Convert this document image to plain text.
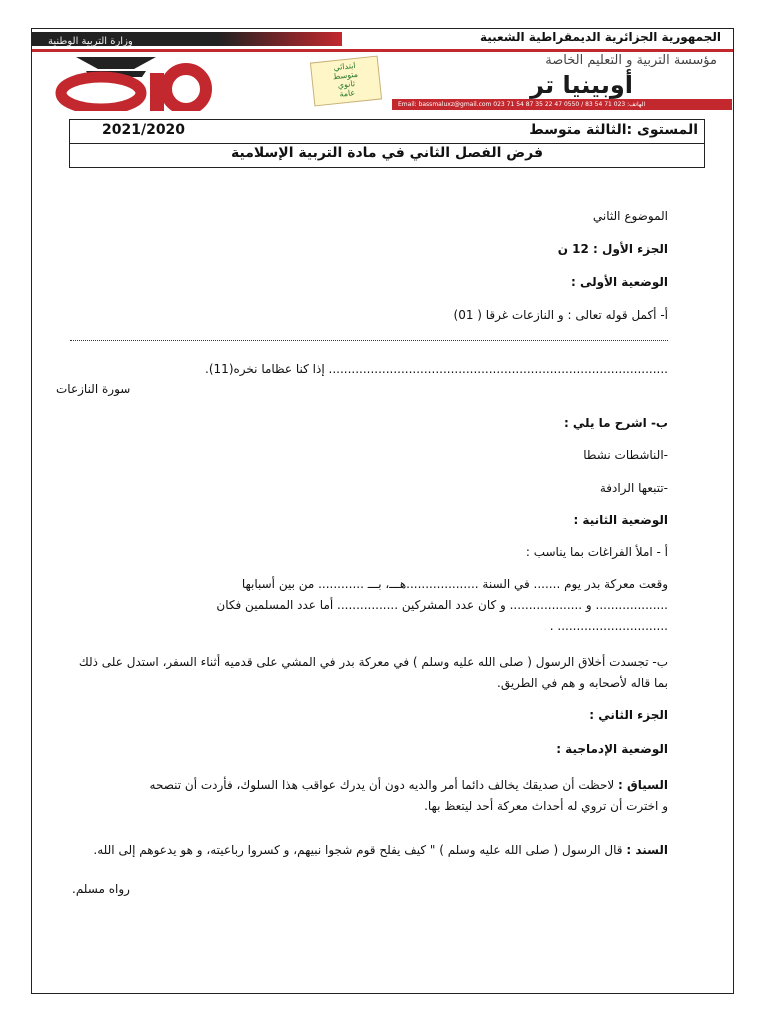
وزارة التربية الوطنية	الجمهورية الجزائرية الديمقراطية الشعبية
ابتدائي
متوسط
ثانوي
عامة
مؤسسة التربية و التعليم الخاصة
أوبينيا تر
Email: bassmaluxz@gmail.com 023 71 54 87 الهاتف: 023 71 54 83 / 0550 47 22 35
المستوى :الثالثة متوسط
2021/2020
فرض الفصل الثاني في مادة التربية الإسلامية
الموضوع الثاني
الجزء الأول : 12 ن
الوضعية الأولى :
أ- أكمل قوله تعالى : و النازعات غرقا ( 01)
......................................................................................... إذا كنا عظاما نخره(11).
سورة النازعات
ب- اشرح ما يلي :
-الناشطات نشطا
-تتبعها الرادفة
الوضعية الثانية :
أ - املأ الفراغات بما يناسب :
وقعت معركة بدر يوم ....... في السنة ...................هـــ، بـــ ............ من بين أسبابها
................... و ................... و كان عدد المشركين ................ أما عدد المسلمين فكان
............................. .
ب- تجسدت أخلاق الرسول ( صلى الله عليه وسلم ) في معركة بدر في المشي على قدميه أثناء السفر، استدل على ذلك
بما قاله لأصحابه و هم في الطريق.
الجزء الثاني :
الوضعية الإدماجية :
السياق : لاحظت أن صديقك يخالف دائما أمر والديه دون أن يدرك عواقب هذا السلوك، فأردت أن تنصحه
و اخترت أن تروي له أحداث معركة أحد ليتعظ بها.
السند : قال الرسول ( صلى الله عليه وسلم ) " كيف يفلح قوم شجوا نبيهم، و كسروا رباعيته، و هو يدعوهم إلى الله.
رواه مسلم.
